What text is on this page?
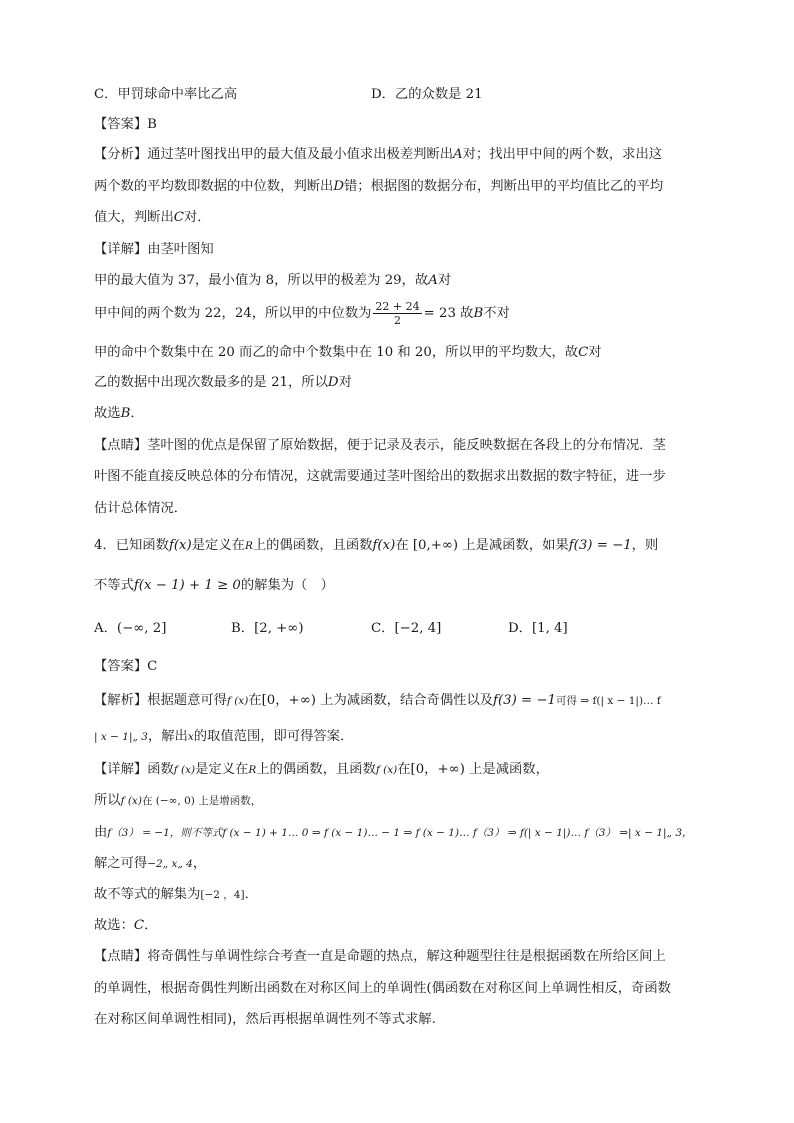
C．甲罚球命中率比乙高	D．乙的众数是 21
【答案】B
【分析】通过茎叶图找出甲的最大值及最小值求出极差判断出A对；找出甲中间的两个数，求出这
两个数的平均数即数据的中位数，判断出D错；根据图的数据分布，判断出甲的平均值比乙的平均
值大，判断出C对．
【详解】由茎叶图知
甲的最大值为 37，最小值为 8，所以甲的极差为 29，故A对
甲中间的两个数为 22，24，所以甲的中位数为 $\frac{22 + 24}{2} = 23$ 故B不对
甲的命中个数集中在 20 而乙的命中个数集中在 10 和 20，所以甲的平均数大，故C对
乙的数据中出现次数最多的是 21，所以D对
故选B．
【点睛】茎叶图的优点是保留了原始数据，便于记录及表示，能反映数据在各段上的分布情况．茎
叶图不能直接反映总体的分布情况，这就需要通过茎叶图给出的数据求出数据的数字特征，进一步
估计总体情况．
4．已知函数f(x)是定义在R上的偶函数，且函数f(x)在 [0,+∞) 上是减函数，如果f(3) = −1，则
不等式f(x − 1) + 1 ≥ 0的解集为（　）
A．(−∞, 2]	B．[2, +∞)	C．[−2, 4]	D．[1, 4]
【答案】C
【解析】根据题意可得f (x)在[0，+∞) 上为减函数，结合奇偶性以及f(3) = −1可得 ⇒ f(| x − 1|)… f
| x − 1|„ 3，解出x的取值范围，即可得答案．
【详解】函数f (x)是定义在R上的偶函数，且函数f (x)在[0，+∞) 上是减函数，
所以f (x)在 (−∞, 0) 上是增函数，
由f（3） = −1，则不等式f (x − 1) + 1… 0 ⇒ f (x − 1)… − 1 ⇒ f (x − 1)… f（3） ⇒ f(| x − 1|)… f（3） ⇒| x − 1|„ 3，
解之可得−2„ x„ 4，
故不等式的解集为[−2 ，4]．
故选：C．
【点睛】将奇偶性与单调性综合考查一直是命题的热点，解这种题型往往是根据函数在所给区间上
的单调性，根据奇偶性判断出函数在对称区间上的单调性(偶函数在对称区间上单调性相反，奇函数
在对称区间单调性相同)，然后再根据单调性列不等式求解.
